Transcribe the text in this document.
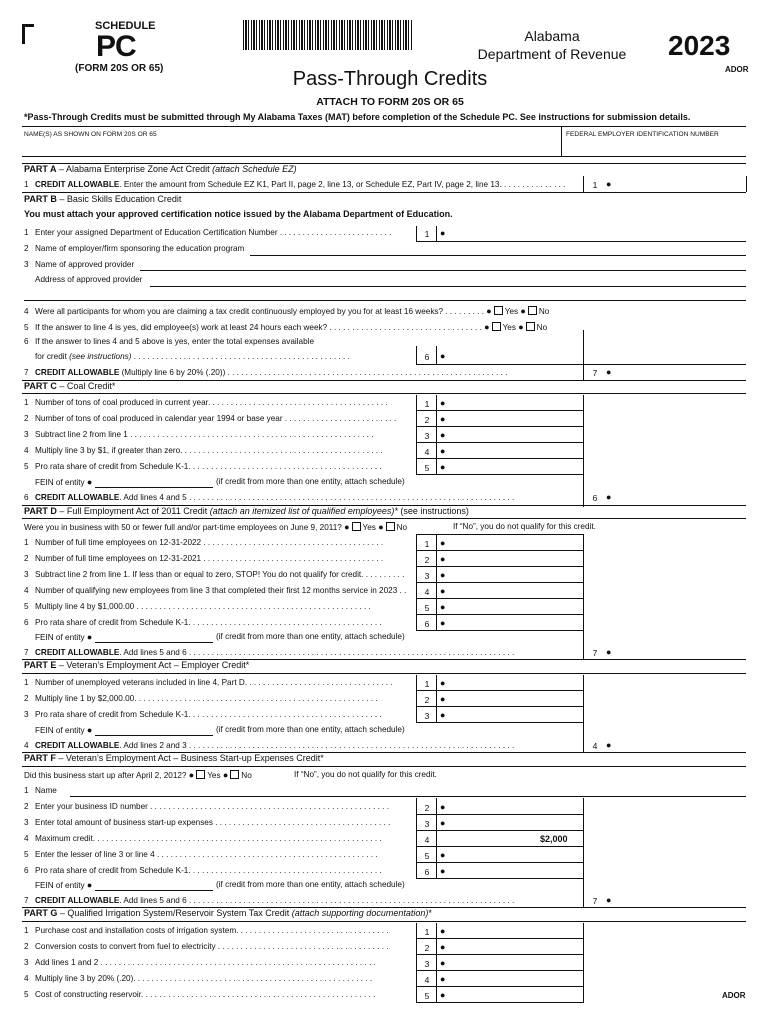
SCHEDULE
PC
(FORM 20S OR 65)
Alabama
Department of Revenue 2023
ADOR
Pass-Through Credits
ATTACH TO FORM 20S OR 65
*Pass-Through Credits must be submitted through My Alabama Taxes (MAT) before completion of the Schedule PC. See instructions for submission details.
NAME(S) AS SHOWN ON FORM 20S OR 65	FEDERAL EMPLOYER IDENTIFICATION NUMBER
PART A – Alabama Enterprise Zone Act Credit (attach Schedule EZ)
1 CREDIT ALLOWABLE. Enter the amount from Schedule EZ K1, Part II, page 2, line 13, or Schedule EZ, Part IV, page 2, line 13. . . . . . . . . . . . . . .	1 ●
PART B – Basic Skills Education Credit
You must attach your approved certification notice issued by the Alabama Department of Education.
1 Enter your assigned Department of Education Certification Number . . . . . . . . . . . . . . . . . . . . . . . . .	1	●
2 Name of employer/firm sponsoring the education program
3 Name of approved provider
Address of approved provider
4 Were all participants for whom you are claiming a tax credit continuously employed by you for at least 16 weeks? . . . . . . . . . ● Yes ● No
5 If the answer to line 4 is yes, did employee(s) work at least 24 hours each week? . . . . . . . . . . . . . . . . . . . . . . . . . . . . . . . . . . ● Yes ● No
6 If the answer to lines 4 and 5 above is yes, enter the total expenses available
for credit (see instructions) . . . . . . . . . . . . . . . . . . . . . . . . . . . . . . . . . . . . . . . . . . . . . . . .	6	●
7 CREDIT ALLOWABLE (Multiply line 6 by 20% (.20)) . . . . . . . . . . . . . . . . . . . . . . . . . . . . . . . . . . . . . . . . . . . . . . . . . . . . . . . . . . . . . .	7 ●
PART C – Coal Credit*
1 Number of tons of coal produced in current year. . . . . . . . . . . . . . . . . . . . . . . . . . . . . . . . . . . . . . . .	1	●
2 Number of tons of coal produced in calendar year 1994 or base year . . . . . . . . . . . . . . . . . . . . . . . . .	2	●
3 Subtract line 2 from line 1 . . . . . . . . . . . . . . . . . . . . . . . . . . . . . . . . . . . . . . . . . . . . . . . . . . . . . .	3	●
4 Multiply line 3 by $1, if greater than zero. . . . . . . . . . . . . . . . . . . . . . . . . . . . . . . . . . . . . . . . . . . . .	4	●
5 Pro rata share of credit from Schedule K-1. . . . . . . . . . . . . . . . . . . . . . . . . . . . . . . . . . . . . . . . . . .	5	●
FEIN of entity ●	(if credit from more than one entity, attach schedule)
6 CREDIT ALLOWABLE. Add lines 4 and 5 . . . . . . . . . . . . . . . . . . . . . . . . . . . . . . . . . . . . . . . . . . . . . . . . . . . . . . . . . . . . . . . . . . . . . . . .	6 ●
PART D – Full Employment Act of 2011 Credit (attach an itemized list of qualified employees)* (see instructions)
Were you in business with 50 or fewer full and/or part-time employees on June 9, 2011? ● Yes ● No	If “No”, you do not qualify for this credit.
1 Number of full time employees on 12-31-2022 . . . . . . . . . . . . . . . . . . . . . . . . . . . . . . . . . . . . . . . .	1	●
2 Number of full time employees on 12-31-2021 . . . . . . . . . . . . . . . . . . . . . . . . . . . . . . . . . . . . . . . .	2	●
3 Subtract line 2 from line 1. If less than or equal to zero, STOP! You do not qualify for credit. . . . . . . . . .	3	●
4 Number of qualifying new employees from line 3 that completed their first 12 months service in 2023 . .	4	●
5 Multiply line 4 by $1,000.00 . . . . . . . . . . . . . . . . . . . . . . . . . . . . . . . . . . . . . . . . . . . . . . . . . . . .	5	●
6 Pro rata share of credit from Schedule K-1. . . . . . . . . . . . . . . . . . . . . . . . . . . . . . . . . . . . . . . . . . .	6	●
FEIN of entity ●	(if credit from more than one entity, attach schedule)
7 CREDIT ALLOWABLE. Add lines 5 and 6 . . . . . . . . . . . . . . . . . . . . . . . . . . . . . . . . . . . . . . . . . . . . . . . . . . . . . . . . . . . . . . . . . . . . . . . .	7 ●
PART E – Veteran’s Employment Act – Employer Credit*
1 Number of unemployed veterans included in line 4, Part D. . . . . . . . . . . . . . . . . . . . . . . . . . . . . . . . .	1	●
2 Multiply line 1 by $2,000.00. . . . . . . . . . . . . . . . . . . . . . . . . . . . . . . . . . . . . . . . . . . . . . . . . . . . . .	2	●
3 Pro rata share of credit from Schedule K-1. . . . . . . . . . . . . . . . . . . . . . . . . . . . . . . . . . . . . . . . . . .	3	●
FEIN of entity ●	(if credit from more than one entity, attach schedule)
4 CREDIT ALLOWABLE. Add lines 2 and 3 . . . . . . . . . . . . . . . . . . . . . . . . . . . . . . . . . . . . . . . . . . . . . . . . . . . . . . . . . . . . . . . . . . . . . . . .	4 ●
PART F – Veteran’s Employment Act – Business Start-up Expenses Credit*
Did this business start up after April 2, 2012? ● Yes ● No	If “No”, you do not qualify for this credit.
1 Name
2 Enter your business ID number . . . . . . . . . . . . . . . . . . . . . . . . . . . . . . . . . . . . . . . . . . . . . . . . . . . . .	2	●
3 Enter total amount of business start-up expenses . . . . . . . . . . . . . . . . . . . . . . . . . . . . . . . . . . . . . . .	3	●
4 Maximum credit. . . . . . . . . . . . . . . . . . . . . . . . . . . . . . . . . . . . . . . . . . . . . . . . . . . . . . . . . . . . . . . .	4	$2,000
5 Enter the lesser of line 3 or line 4 . . . . . . . . . . . . . . . . . . . . . . . . . . . . . . . . . . . . . . . . . . . . . . . . .	5	●
6 Pro rata share of credit from Schedule K-1. . . . . . . . . . . . . . . . . . . . . . . . . . . . . . . . . . . . . . . . . . .	6	●
FEIN of entity ●	(if credit from more than one entity, attach schedule)
7 CREDIT ALLOWABLE. Add lines 5 and 6 . . . . . . . . . . . . . . . . . . . . . . . . . . . . . . . . . . . . . . . . . . . . . . . . . . . . . . . . . . . . . . . . . . . . . . . .	7 ●
PART G – Qualified Irrigation System/Reservoir System Tax Credit (attach supporting documentation)*
1 Purchase cost and installation costs of irrigation system. . . . . . . . . . . . . . . . . . . . . . . . . . . . . . . . . .	1	●
2 Conversion costs to convert from fuel to electricity . . . . . . . . . . . . . . . . . . . . . . . . . . . . . . . . . . . . . .	2	●
3 Add lines 1 and 2 . . . . . . . . . . . . . . . . . . . . . . . . . . . . . . . . . . . . . . . . . . . . . . . . . . . . . . . . . . . . .	3	●
4 Multiply line 3 by 20% (.20). . . . . . . . . . . . . . . . . . . . . . . . . . . . . . . . . . . . . . . . . . . . . . . . . . . . .	4	●
5 Cost of constructing reservoir. . . . . . . . . . . . . . . . . . . . . . . . . . . . . . . . . . . . . . . . . . . . . . . . . . . .	5	●	ADOR
